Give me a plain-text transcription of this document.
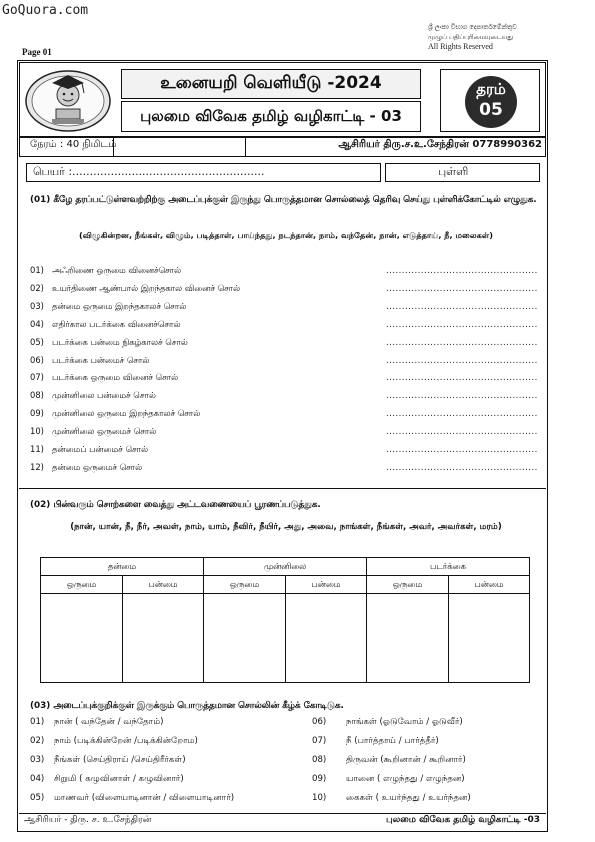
GoQuora.com
Page 01
ශ්‍රී ලංකා විභාග දෙපාර්තමේන්තුව
முழுப் பதிப்புரிமையுடையது
All Rights Reserved
உனையறி வெளியீடு -2024
புலமை விவேக தமிழ் வழிகாட்டி - 03
தரம்
05
நேரம் : 40 நிமிடம்	ஆசிரியர் திரு.ச.உ.சேந்திரன் 0778990362
பெயர் :.......................................................	புள்ளி
(01) கீழே தரப்பட்டுள்ளவற்றிற்கு அடைப்புக்குள் இருந்து பொருத்தமான சொல்லைத் தெரிவு செய்து புள்ளிக்கோட்டில் எழுதுக.
(விழுகின்றன, நீங்கள், விழும், படித்தாள், பாய்ந்தது, நடந்தான், நாம், வந்தேன், நான், எடுத்தாய், நீ, மலைகள்)
01) அஃறிணை ஒருமை வினைச்சொல்	................................................
02) உயர்திணை ஆண்பால் இறந்தகால வினைச் சொல்	................................................
03) தன்மை ஒருமை இறந்தகாலச் சொல்	................................................
04) எதிர்கால படர்க்கை வினைச்சொல்	................................................
05) படர்க்கை பன்மை நிகழ்காலச் சொல்	................................................
06) படர்க்கை பன்மைச் சொல்	................................................
07) படர்க்கை ஒருமை வினைச் சொல்	................................................
08) முன்னிலை பன்மைச் சொல்	................................................
09) முன்னிலை ஒருமை இறந்தகாலச் சொல்	................................................
10) முன்னிலை ஒருமைச் சொல்	................................................
11) தன்மைப் பன்மைச் சொல்	................................................
12) தன்மை ஒருமைச் சொல்	................................................
(02) பின்வரும் சொற்களை வைத்து அட்டவணையைப் பூரணப்படுத்துக.
(நான், யான், நீ, நீர், அவள், நாம், யாம், நீவிர், நீயிர், அது, அவை, நாங்கள், நீங்கள், அவர், அவர்கள், மரம்)
தன்மை		முன்னிலை		படர்க்கை	
ஒருமை	பன்மை	ஒருமை	பன்மை	ஒருமை	பன்மை

(03) அடைப்புக்குறிக்குள் இருக்கும் பொருத்தமான சொல்லின் கீழ்க் கோடிடுக.
01) நான் ( வந்தேன் / வந்தோம்)
02) நாம் (படிக்கின்றேன் /படிக்கின்றோம)
03) நீங்கள் (செய்திராய் /செய்திரீர்கள்)
04) சிறுமி ( கழுவினாள் / கழுவினார்)
05) மாணவர் (விளையாடினான் / விளையாடினார்)
06) நாங்கள் (ஓடுவோம் / ஓடுவீர்)
07) நீ (பார்த்தாய் / பார்த்தீர்)
08) திருவன் (கூறினான் / கூறினார்)
09) யானை ( எழுந்தது / எழுந்தன)
10) கைகள் ( உயர்ந்தது / உயர்ந்தன)
ஆசிரியர் - திரு. ச. உ.சேந்திரன்	புலமை விவேக தமிழ் வழிகாட்டி -03
